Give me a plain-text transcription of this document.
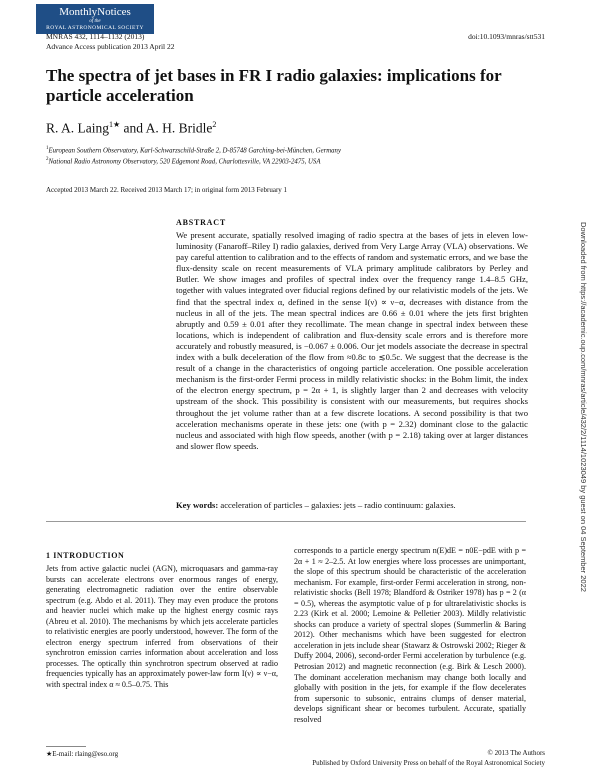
MonthlyNotices
of the
ROYAL ASTRONOMICAL SOCIETY
MNRAS 432, 1114–1132 (2013)
Advance Access publication 2013 April 22
doi:10.1093/mnras/stt531
The spectra of jet bases in FR I radio galaxies: implications for particle acceleration
R. A. Laing$^{1★}$ and A. H. Bridle$^2$
$^1$European Southern Observatory, Karl-Schwarzschild-Straße 2, D-85748 Garching-bei-München, Germany
$^2$National Radio Astronomy Observatory, 520 Edgemont Road, Charlottesville, VA 22903-2475, USA
Accepted 2013 March 22. Received 2013 March 17; in original form 2013 February 1
Downloaded from https://academic.oup.com/mnras/article/432/2/1114/1023049 by guest on 04 September 2022
ABSTRACT
We present accurate, spatially resolved imaging of radio spectra at the bases of jets in eleven low-luminosity (Fanaroff–Riley I) radio galaxies, derived from Very Large Array (VLA) observations. We pay careful attention to calibration and to the effects of random and systematic errors, and we base the flux-density scale on recent measurements of VLA primary amplitude calibrators by Perley and Butler. We show images and profiles of spectral index over the frequency range 1.4–8.5 GHz, together with values integrated over fiducial regions defined by our relativistic models of the jets. We find that the spectral index α, defined in the sense I(ν) ∝ ν−α, decreases with distance from the nucleus in all of the jets. The mean spectral indices are 0.66 ± 0.01 where the jets first brighten abruptly and 0.59 ± 0.01 after they recollimate. The mean change in spectral index between these locations, which is independent of calibration and flux-density scale errors and is therefore more accurately and robustly measured, is −0.067 ± 0.006. Our jet models associate the decrease in spectral index with a bulk deceleration of the flow from ≈0.8c to ≲0.5c. We suggest that the decrease is the result of a change in the characteristics of ongoing particle acceleration. One possible acceleration mechanism is the first-order Fermi process in mildly relativistic shocks: in the Bohm limit, the index of the electron energy spectrum, p = 2α + 1, is slightly larger than 2 and decreases with velocity upstream of the shock. This possibility is consistent with our measurements, but requires shocks throughout the jet volume rather than at a few discrete locations. A second possibility is that two acceleration mechanisms operate in these jets: one (with p = 2.32) dominant close to the galactic nucleus and associated with high flow speeds, another (with p = 2.18) taking over at larger distances and slower flow speeds.
Key words: acceleration of particles – galaxies: jets – radio continuum: galaxies.
1 INTRODUCTION
Jets from active galactic nuclei (AGN), microquasars and gamma-ray bursts can accelerate electrons over enormous ranges of energy, generating electromagnetic radiation over the entire observable spectrum (e.g. Abdo et al. 2011). They may even produce the protons and heavier nuclei which make up the highest energy cosmic rays (Abreu et al. 2010). The mechanisms by which jets accelerate particles to relativistic energies are poorly understood, however. The form of the electron energy spectrum inferred from observations of their synchrotron emission carries information about acceleration and loss processes. The optically thin synchrotron spectrum observed at radio frequencies typically has an approximately power-law form I(ν) ∝ ν−α, with spectral index α ≈ 0.5–0.75. This
corresponds to a particle energy spectrum n(E)dE = n0E−pdE with p = 2α + 1 ≈ 2–2.5. At low energies where loss processes are unimportant, the slope of this spectrum should be characteristic of the acceleration mechanism. For example, first-order Fermi acceleration in strong, non-relativistic shocks (Bell 1978; Blandford & Ostriker 1978) has p = 2 (α = 0.5), whereas the asymptotic value of p for ultrarelativistic shocks is 2.23 (Kirk et al. 2000; Lemoine & Pelletier 2003). Mildly relativistic shocks can produce a variety of spectral slopes (Summerlin & Baring 2012). Other mechanisms which have been suggested for electron acceleration in jets include shear (Stawarz & Ostrowski 2002; Rieger & Duffy 2004, 2006), second-order Fermi acceleration by turbulence (e.g. Petrosian 2012) and magnetic reconnection (e.g. Birk & Lesch 2000). The dominant acceleration mechanism may change both locally and globally with position in the jets, for example if the flow decelerates from supersonic to subsonic, entrains clumps of denser material, develops significant shear or becomes turbulent. Accurate, spatially resolved
★E-mail: rlaing@eso.org	© 2013 The Authors
Published by Oxford University Press on behalf of the Royal Astronomical Society
